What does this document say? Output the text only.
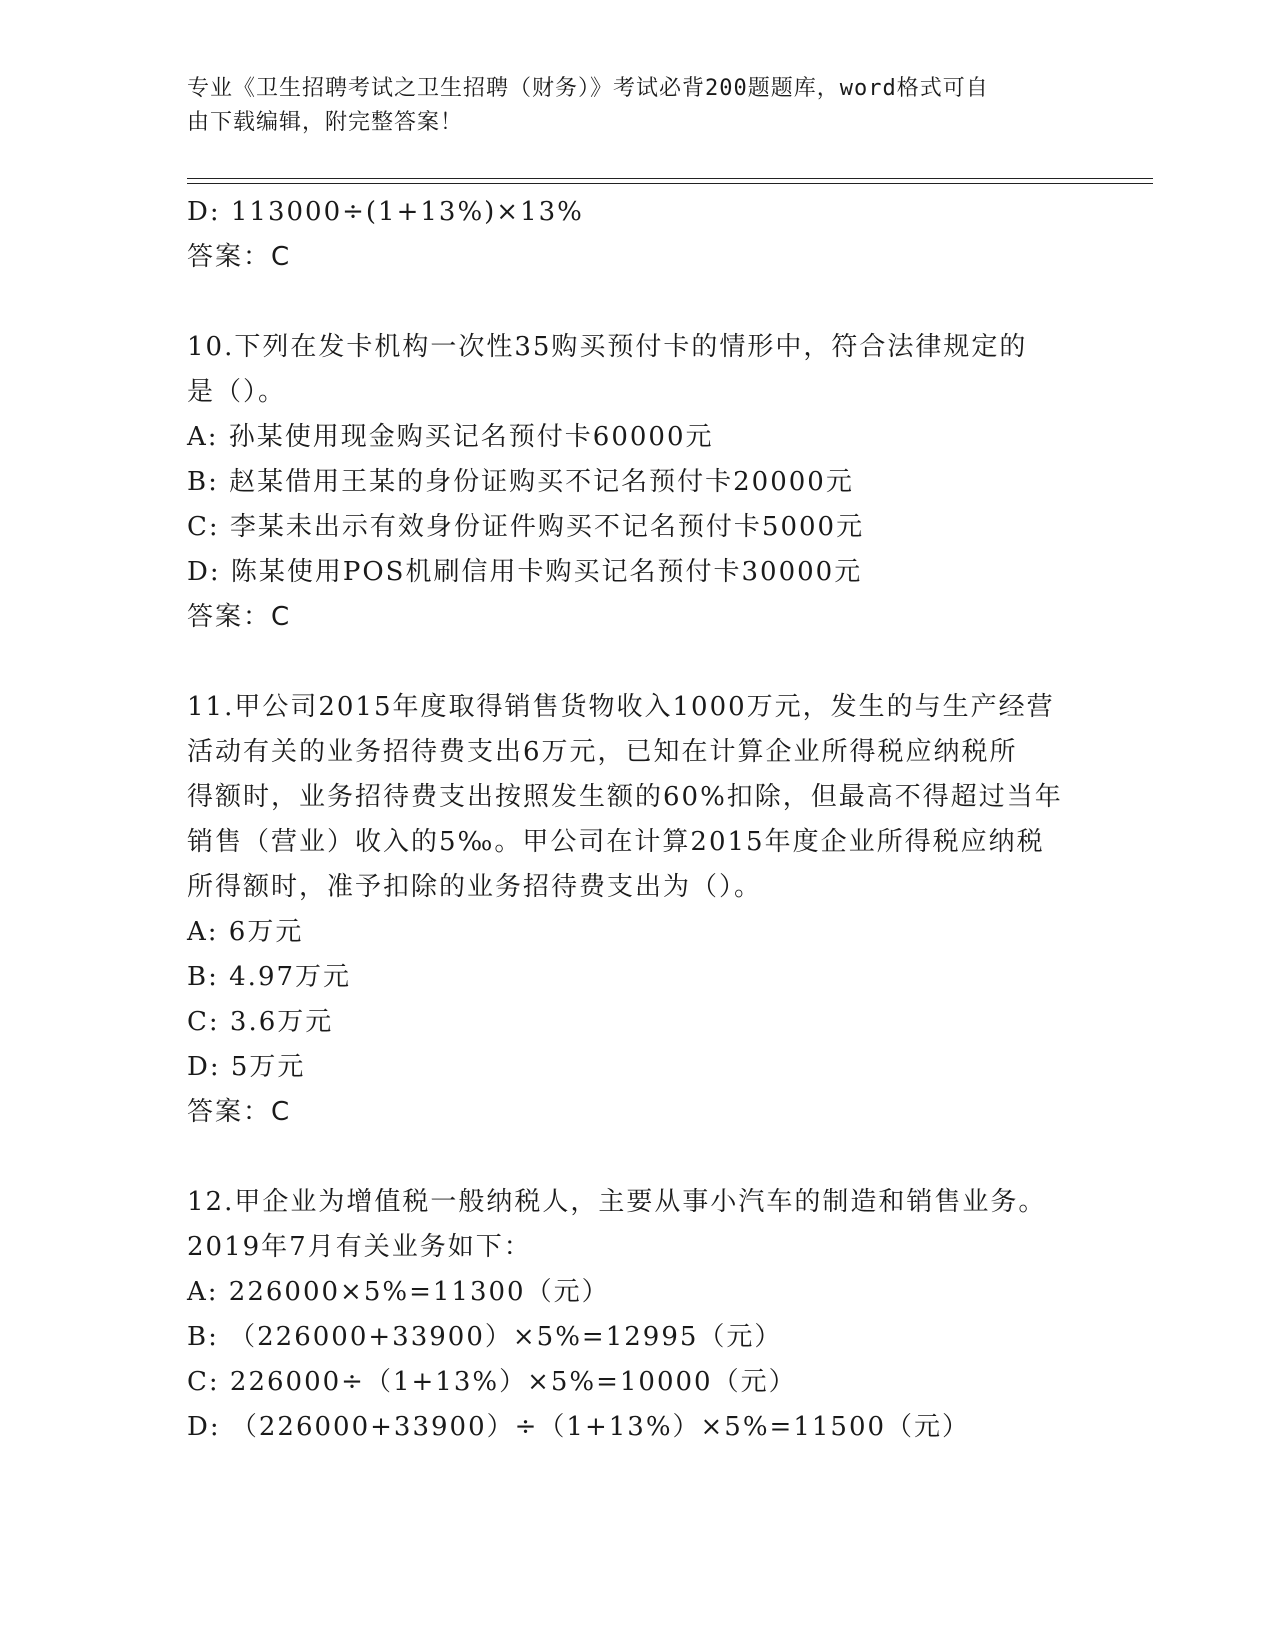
专业《卫生招聘考试之卫生招聘（财务）》考试必背200题题库，word格式可自
由下载编辑，附完整答案！
D: 113000÷(1+13%)×13%
答案：C
10.下列在发卡机构一次性35购买预付卡的情形中，符合法律规定的
是（）。
A: 孙某使用现金购买记名预付卡60000元
B: 赵某借用王某的身份证购买不记名预付卡20000元
C: 李某未出示有效身份证件购买不记名预付卡5000元
D: 陈某使用POS机刷信用卡购买记名预付卡30000元
答案：C
11.甲公司2015年度取得销售货物收入1000万元，发生的与生产经营
活动有关的业务招待费支出6万元，已知在计算企业所得税应纳税所
得额时，业务招待费支出按照发生额的60%扣除，但最高不得超过当年
销售（营业）收入的5‰。甲公司在计算2015年度企业所得税应纳税
所得额时，准予扣除的业务招待费支出为（）。
A: 6万元
B: 4.97万元
C: 3.6万元
D: 5万元
答案：C
12.甲企业为增值税一般纳税人，主要从事小汽车的制造和销售业务。
2019年7月有关业务如下：
A: 226000×5%=11300（元）
B: （226000+33900）×5%=12995（元）
C: 226000÷（1+13%）×5%=10000（元）
D: （226000+33900）÷（1+13%）×5%=11500（元）
